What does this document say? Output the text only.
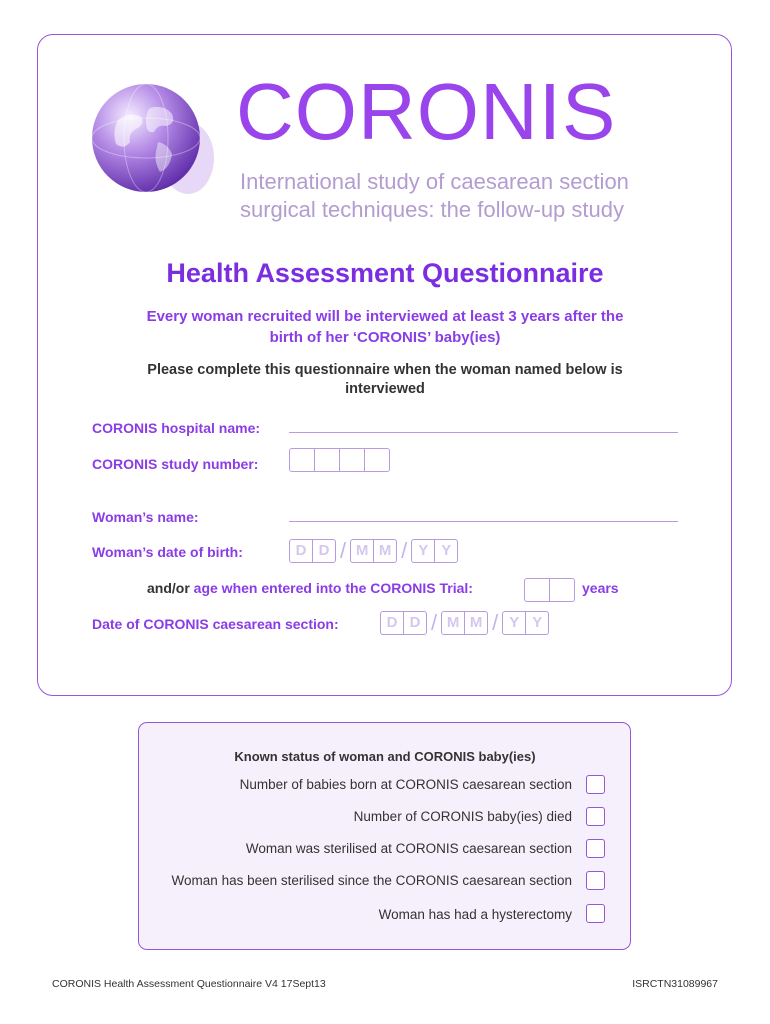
CORONIS
International study of caesarean section
surgical techniques: the follow-up study
Health Assessment Questionnaire
Every woman recruited will be interviewed at least 3 years after the
birth of her ‘CORONIS’ baby(ies)
Please complete this questionnaire when the woman named below is
interviewed
CORONIS hospital name:
CORONIS study number:
Woman’s name:
Woman’s date of birth:	D D / M M / Y Y
and/or age when entered into the CORONIS Trial:	years
Date of CORONIS caesarean section:	D D / M M / Y Y
Known status of woman and CORONIS baby(ies)
Number of babies born at CORONIS caesarean section
Number of CORONIS baby(ies) died
Woman was sterilised at CORONIS caesarean section
Woman has been sterilised since the CORONIS caesarean section
Woman has had a hysterectomy
CORONIS Health Assessment Questionnaire V4 17Sept13	ISRCTN31089967
